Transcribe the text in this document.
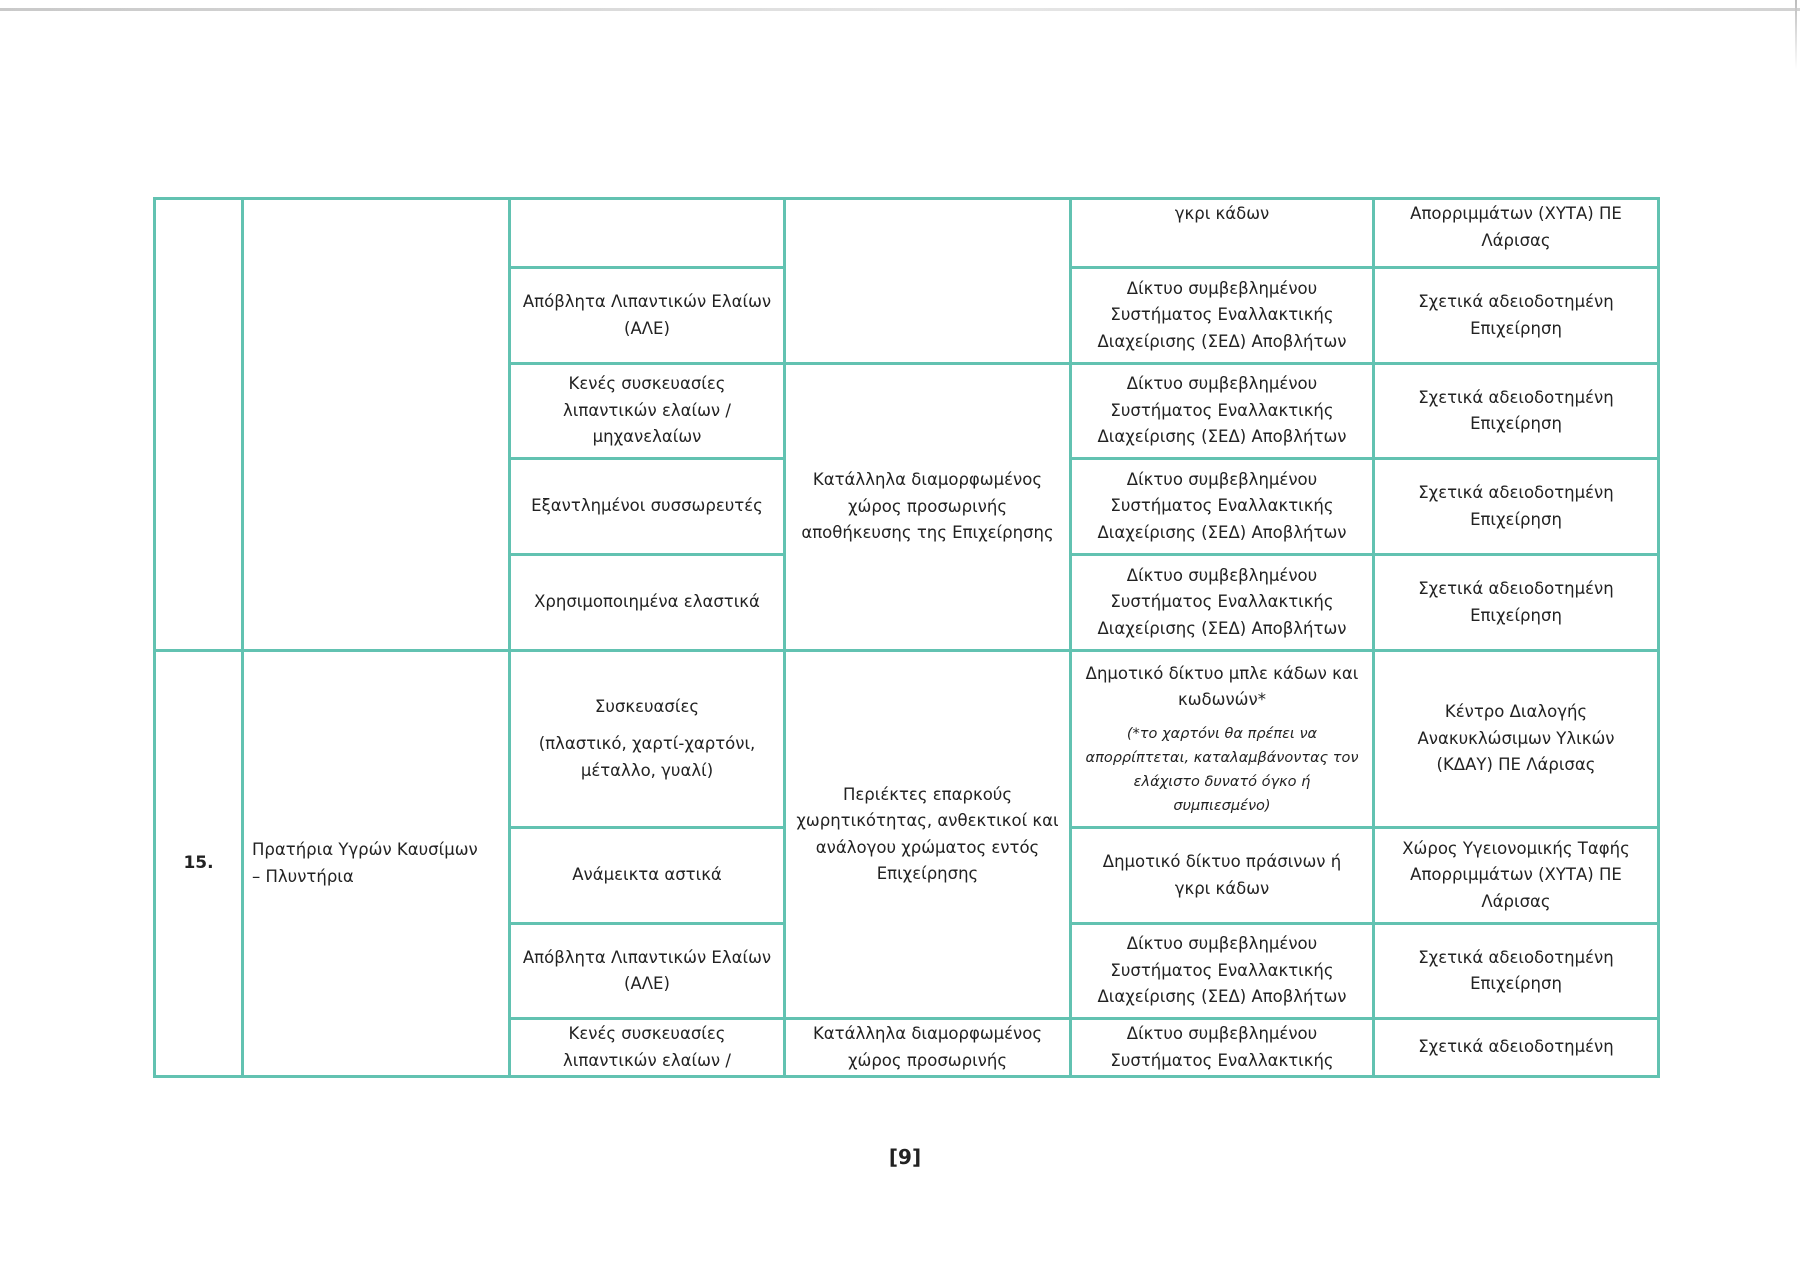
Απόβλητα Λιπαντικών Ελαίων
(ΑΛΕ)
Κενές συσκευασίες
λιπαντικών ελαίων /
μηχανελαίων
Εξαντλημένοι συσσωρευτές
Χρησιμοποιημένα ελαστικά
Κατάλληλα διαμορφωμένος
χώρος προσωρινής
αποθήκευσης της Επιχείρησης
γκρι κάδων
Δίκτυο συμβεβλημένου
Συστήματος Εναλλακτικής
Διαχείρισης (ΣΕΔ) Αποβλήτων
Δίκτυο συμβεβλημένου
Συστήματος Εναλλακτικής
Διαχείρισης (ΣΕΔ) Αποβλήτων
Δίκτυο συμβεβλημένου
Συστήματος Εναλλακτικής
Διαχείρισης (ΣΕΔ) Αποβλήτων
Δίκτυο συμβεβλημένου
Συστήματος Εναλλακτικής
Διαχείρισης (ΣΕΔ) Αποβλήτων
Απορριμμάτων (ΧΥΤΑ) ΠΕ
Λάρισας
Σχετικά αδειοδοτημένη
Επιχείρηση
Σχετικά αδειοδοτημένη
Επιχείρηση
Σχετικά αδειοδοτημένη
Επιχείρηση
Σχετικά αδειοδοτημένη
Επιχείρηση
15.
Πρατήρια Υγρών Καυσίμων
– Πλυντήρια
Συσκευασίες
(πλαστικό, χαρτί-χαρτόνι,
μέταλλο, γυαλί)
Ανάμεικτα αστικά
Απόβλητα Λιπαντικών Ελαίων
(ΑΛΕ)
Κενές συσκευασίες
λιπαντικών ελαίων /
Περιέκτες επαρκούς
χωρητικότητας, ανθεκτικοί και
ανάλογου χρώματος εντός
Επιχείρησης
Κατάλληλα διαμορφωμένος
χώρος προσωρινής
Δημοτικό δίκτυο μπλε κάδων και
κωδωνών*
(*το χαρτόνι θα πρέπει να
απορρίπτεται, καταλαμβάνοντας τον
ελάχιστο δυνατό όγκο ή
συμπιεσμένο)
Δημοτικό δίκτυο πράσινων ή
γκρι κάδων
Δίκτυο συμβεβλημένου
Συστήματος Εναλλακτικής
Διαχείρισης (ΣΕΔ) Αποβλήτων
Δίκτυο συμβεβλημένου
Συστήματος Εναλλακτικής
Κέντρο Διαλογής
Ανακυκλώσιμων Υλικών
(ΚΔΑΥ) ΠΕ Λάρισας
Χώρος Υγειονομικής Ταφής
Απορριμμάτων (ΧΥΤΑ) ΠΕ
Λάρισας
Σχετικά αδειοδοτημένη
Επιχείρηση
Σχετικά αδειοδοτημένη
[9]
